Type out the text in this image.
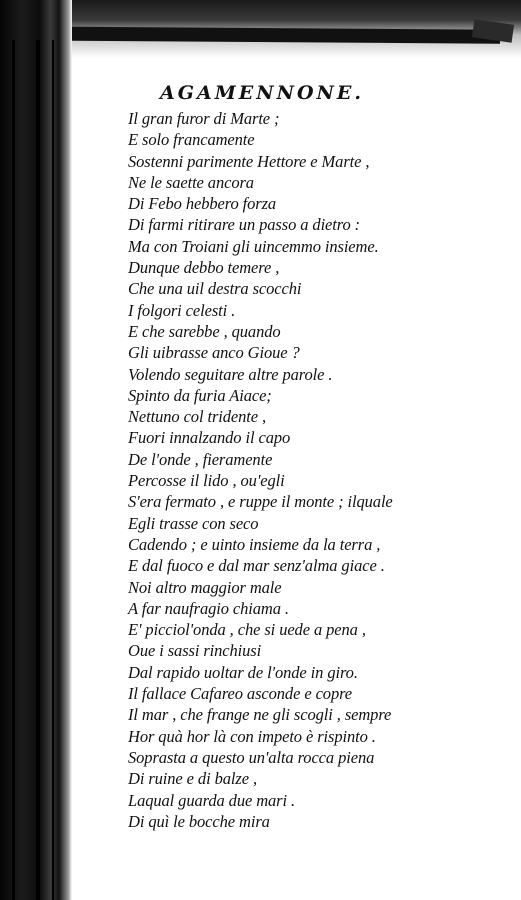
AGAMENNONE.
Il gran furor di Marte ;
E solo francamente
Sostenni parimente Hettore e Marte ,
Ne le saette ancora
Di Febo hebbero forza
Di farmi ritirare un passo a dietro :
Ma con Troiani gli uincemmo insieme.
Dunque debbo temere ,
Che una uil destra scocchi
I folgori celesti .
E che sarebbe , quando
Gli uibrasse anco Gioue ?
Volendo seguitare altre parole .
Spinto da furia Aiace;
Nettuno col tridente ,
Fuori innalzando il capo
De l'onde , fieramente
Percosse il lido , ou'egli
S'era fermato , e ruppe il monte ; ilquale
Egli trasse con seco
Cadendo ; e uinto insieme da la terra ,
E dal fuoco e dal mar senz'alma giace .
Noi altro maggior male
A far naufragio chiama .
E' picciol'onda , che si uede a pena ,
Oue i sassi rinchiusi
Dal rapido uoltar de l'onde in giro.
Il fallace Cafareo asconde e copre
Il mar , che frange ne gli scogli , sempre
Hor quà hor là con impeto è rispinto .
Soprasta a questo un'alta rocca piena
Di ruine e di balze ,
Laqual guarda due mari .
Di quì le bocche mira
